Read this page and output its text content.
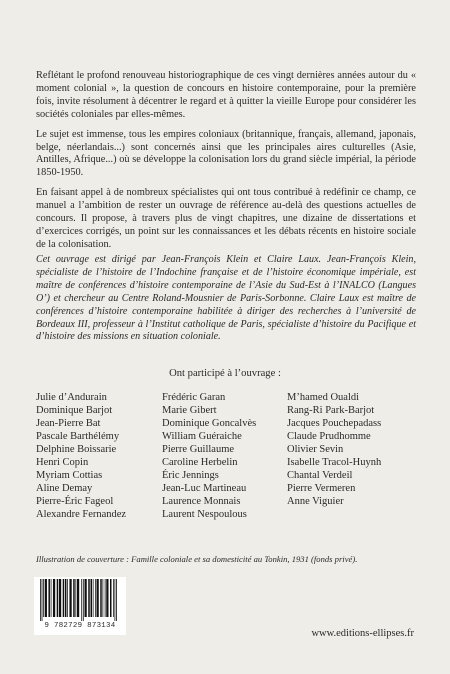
Reflétant le profond renouveau historiographique de ces vingt dernières années autour du « moment colonial », la question de concours en histoire contemporaine, pour la première fois, invite résolument à décentrer le regard et à quitter la vieille Europe pour considérer les sociétés coloniales par elles-mêmes.

Le sujet est immense, tous les empires coloniaux (britannique, français, allemand, japonais, belge, néerlandais...) sont concernés ainsi que les principales aires culturelles (Asie, Antilles, Afrique...) où se développe la colonisation lors du grand siècle impérial, la période 1850-1950.

En faisant appel à de nombreux spécialistes qui ont tous contribué à redéfinir ce champ, ce manuel a l’ambition de rester un ouvrage de référence au-delà des questions actuelles de concours. Il propose, à travers plus de vingt chapitres, une dizaine de dissertations et d’exercices corrigés, un point sur les connaissances et les débats récents en histoire sociale de la colonisation.

Cet ouvrage est dirigé par Jean-François Klein et Claire Laux. Jean-François Klein, spécialiste de l’histoire de l’Indochine française et de l’histoire économique impériale, est maître de conférences d’histoire contemporaine de l’Asie du Sud-Est à l’INALCO (Langues O’) et chercheur au Centre Roland-Mousnier de Paris-Sorbonne. Claire Laux est maître de conférences d’histoire contemporaine habilitée à diriger des recherches à l’université de Bordeaux III, professeur à l’Institut catholique de Paris, spécialiste d’histoire du Pacifique et d’histoire des missions en situation coloniale.

Ont participé à l’ouvrage :

Julie d’Andurain
Dominique Barjot
Jean-Pierre Bat
Pascale Barthélémy
Delphine Boissarie
Henri Copin
Myriam Cottias
Aline Demay
Pierre-Éric Fageol
Alexandre Fernandez
Frédéric Garan
Marie Gibert
Dominique Goncalvès
William Guéraiche
Pierre Guillaume
Caroline Herbelin
Éric Jennings
Jean-Luc Martineau
Laurence Monnais
Laurent Nespoulous
M’hamed Oualdi
Rang-Ri Park-Barjot
Jacques Pouchepadass
Claude Prudhomme
Olivier Sevin
Isabelle Tracol-Huynh
Chantal Verdeil
Pierre Vermeren
Anne Viguier

Illustration de couverture : Famille coloniale et sa domesticité au Tonkin, 1931 (fonds privé).

9 782729 873134

www.editions-ellipses.fr
